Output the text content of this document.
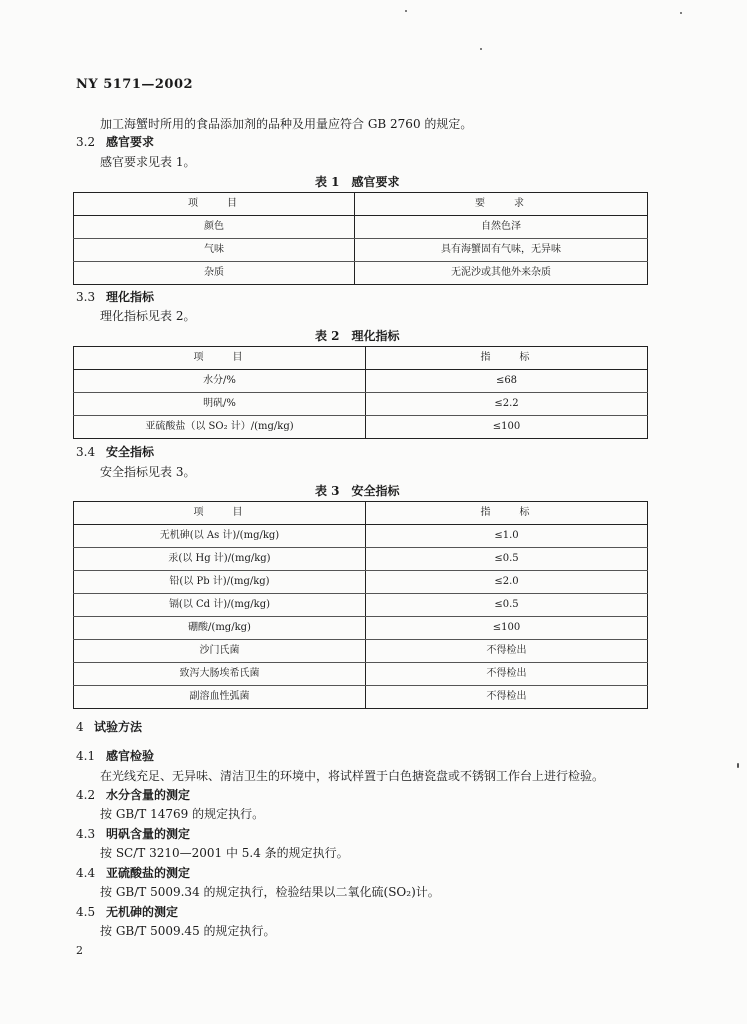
NY 5171—2002
加工海蟹时所用的食品添加剂的品种及用量应符合 GB 2760 的规定。
3.2 感官要求
感官要求见表 1。
表 1　感官要求
项　　目	要　　求
颜色	自然色泽
气味	具有海蟹固有气味，无异味
杂质	无泥沙或其他外来杂质
3.3 理化指标
理化指标见表 2。
表 2　理化指标
项　　目	指　　标
水分/%	≤68
明矾/%	≤2.2
亚硫酸盐（以 SO₂ 计）/(mg/kg)	≤100
3.4 安全指标
安全指标见表 3。
表 3　安全指标
项　　目	指　　标
无机砷(以 As 计)/(mg/kg)	≤1.0
汞(以 Hg 计)/(mg/kg)	≤0.5
铅(以 Pb 计)/(mg/kg)	≤2.0
镉(以 Cd 计)/(mg/kg)	≤0.5
硼酸/(mg/kg)	≤100
沙门氏菌	不得检出
致泻大肠埃希氏菌	不得检出
副溶血性弧菌	不得检出
4 试验方法
4.1 感官检验
在光线充足、无异味、清洁卫生的环境中，将试样置于白色搪瓷盘或不锈钢工作台上进行检验。
4.2 水分含量的测定
按 GB/T 14769 的规定执行。
4.3 明矾含量的测定
按 SC/T 3210—2001 中 5.4 条的规定执行。
4.4 亚硫酸盐的测定
按 GB/T 5009.34 的规定执行，检验结果以二氧化硫(SO₂)计。
4.5 无机砷的测定
按 GB/T 5009.45 的规定执行。
2
